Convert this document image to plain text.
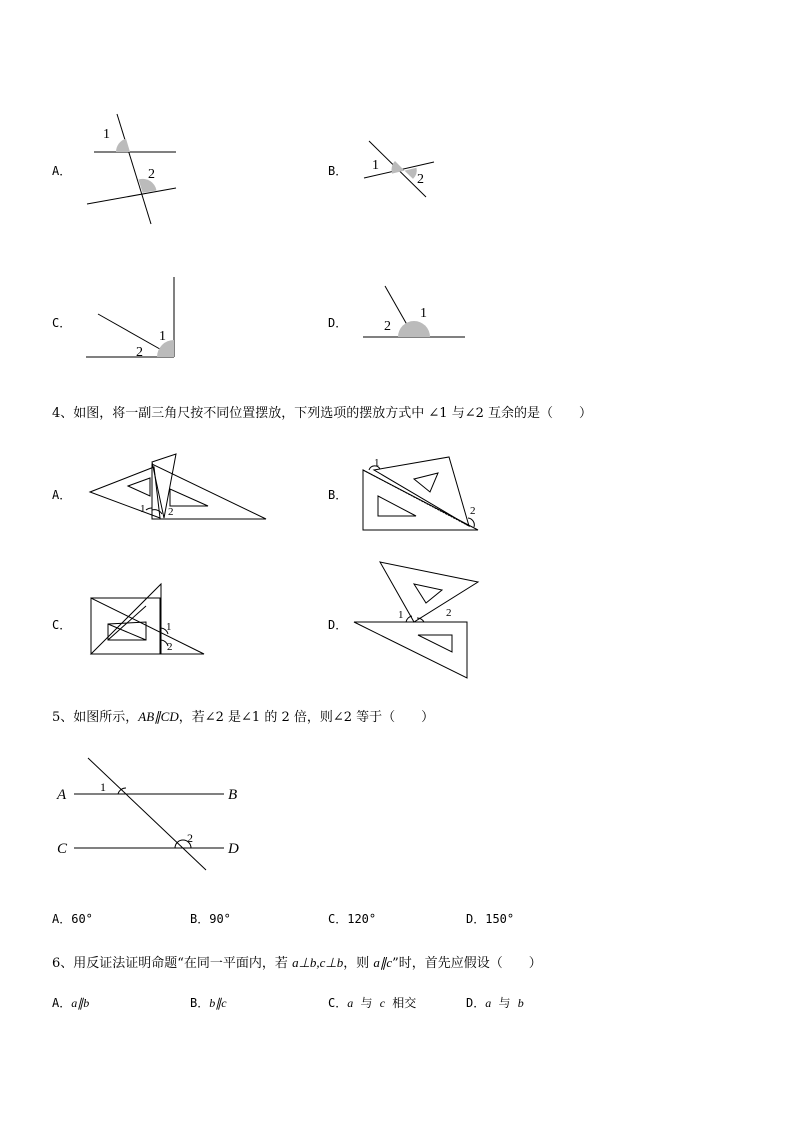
A．
1
2	B． 1
2
C．
1
2
D．
1
2
4、如图，将一副三角尺按不同位置摆放，下列选项的摆放方式中 ∠1 与∠2 互余的是（　　）
A．
1 2
B．
1
2
C．	1
2
D．
1	2
5、如图所示，AB∥CD，若∠2 是∠1 的 2 倍，则∠2 等于（　　）
A	B
C	D
1
2
A．60°	B．90°	C．120°	D．150°
6、用反证法证明命题“在同一平面内，若 a⊥b,c⊥b，则 a∥c”时，首先应假设（　　）
A．a∥b	B．b∥c	C．a 与 c 相交	D．a 与 b
